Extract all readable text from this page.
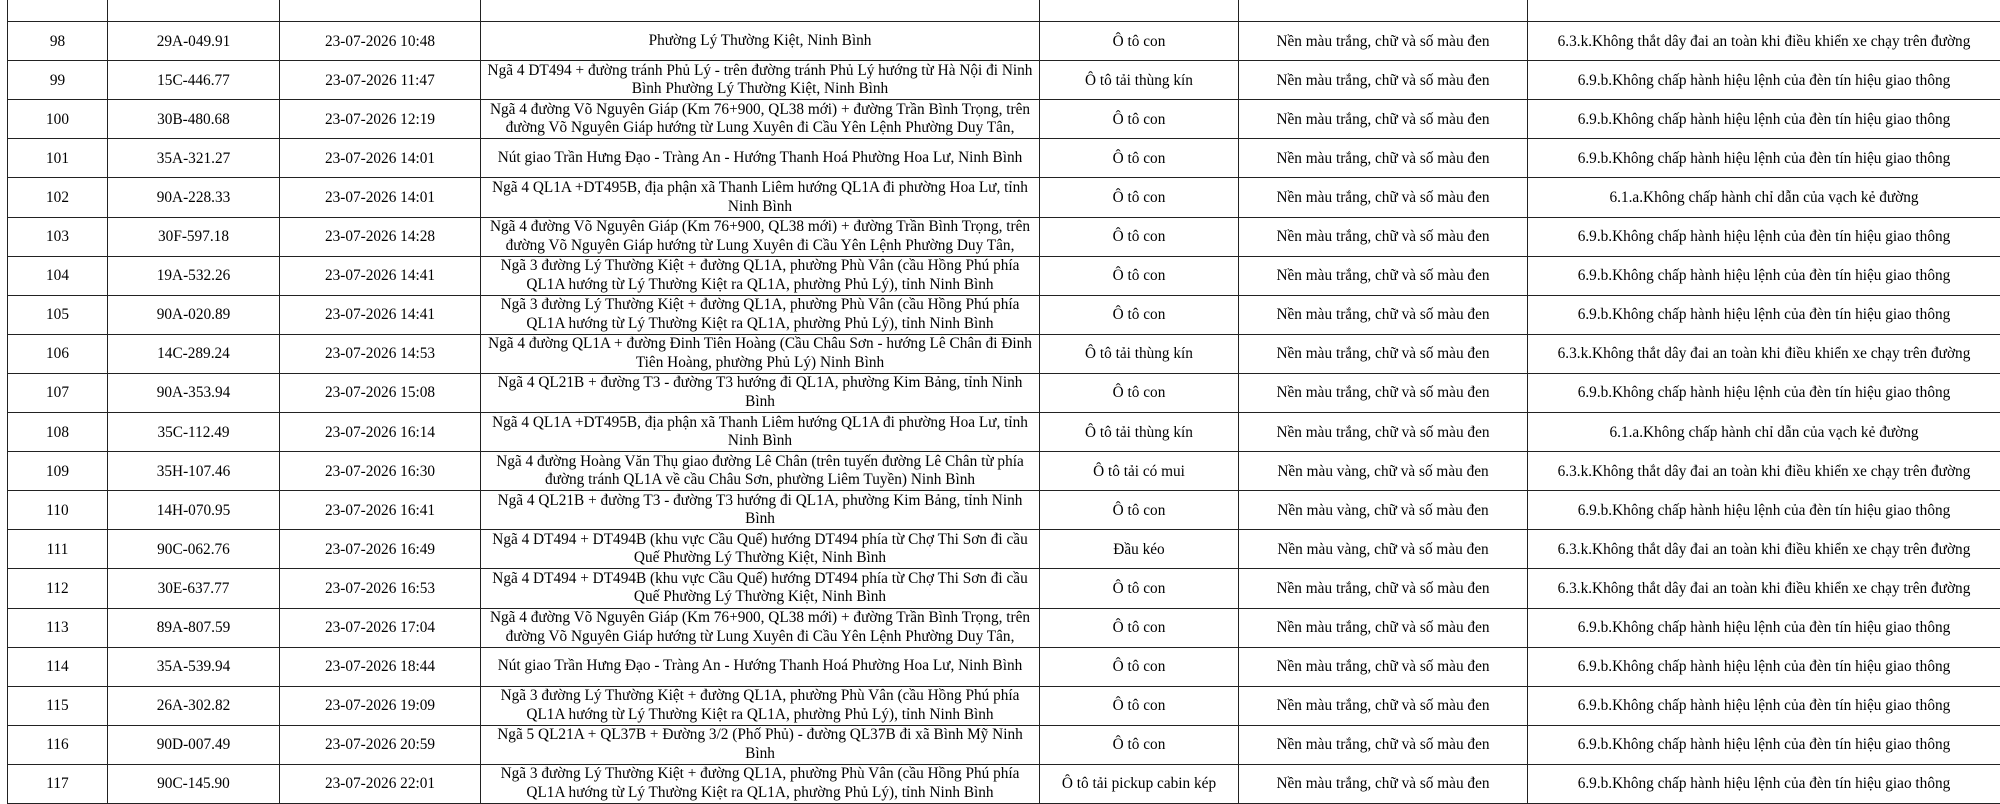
98	29A-049.91	23-07-2026 10:48	Phường Lý Thường Kiệt, Ninh Bình	Ô tô con	Nền màu trắng, chữ và số màu đen	6.3.k.Không thắt dây đai an toàn khi điều khiển xe chạy trên đường
99	15C-446.77	23-07-2026 11:47	Ngã 4 DT494 + đường tránh Phủ Lý - trên đường tránh Phủ Lý hướng từ Hà Nội đi Ninh Bình Phường Lý Thường Kiệt, Ninh Bình	Ô tô tải thùng kín	Nền màu trắng, chữ và số màu đen	6.9.b.Không chấp hành hiệu lệnh của đèn tín hiệu giao thông
100	30B-480.68	23-07-2026 12:19	Ngã 4 đường Võ Nguyên Giáp (Km 76+900, QL38 mới) + đường Trần Bình Trọng, trên đường Võ Nguyên Giáp hướng từ Lung Xuyên đi Cầu Yên Lệnh Phường Duy Tân,	Ô tô con	Nền màu trắng, chữ và số màu đen	6.9.b.Không chấp hành hiệu lệnh của đèn tín hiệu giao thông
101	35A-321.27	23-07-2026 14:01	Nút giao Trần Hưng Đạo - Tràng An - Hướng Thanh Hoá Phường Hoa Lư, Ninh Bình	Ô tô con	Nền màu trắng, chữ và số màu đen	6.9.b.Không chấp hành hiệu lệnh của đèn tín hiệu giao thông
102	90A-228.33	23-07-2026 14:01	Ngã 4 QL1A +DT495B, địa phận xã Thanh Liêm hướng QL1A đi phường Hoa Lư, tỉnh Ninh Bình	Ô tô con	Nền màu trắng, chữ và số màu đen	6.1.a.Không chấp hành chỉ dẫn của vạch kẻ đường
103	30F-597.18	23-07-2026 14:28	Ngã 4 đường Võ Nguyên Giáp (Km 76+900, QL38 mới) + đường Trần Bình Trọng, trên đường Võ Nguyên Giáp hướng từ Lung Xuyên đi Cầu Yên Lệnh Phường Duy Tân,	Ô tô con	Nền màu trắng, chữ và số màu đen	6.9.b.Không chấp hành hiệu lệnh của đèn tín hiệu giao thông
104	19A-532.26	23-07-2026 14:41	Ngã 3 đường Lý Thường Kiệt + đường QL1A, phường Phù Vân (cầu Hồng Phú phía QL1A hướng từ Lý Thường Kiệt ra QL1A, phường Phủ Lý), tỉnh Ninh Bình	Ô tô con	Nền màu trắng, chữ và số màu đen	6.9.b.Không chấp hành hiệu lệnh của đèn tín hiệu giao thông
105	90A-020.89	23-07-2026 14:41	Ngã 3 đường Lý Thường Kiệt + đường QL1A, phường Phù Vân (cầu Hồng Phú phía QL1A hướng từ Lý Thường Kiệt ra QL1A, phường Phủ Lý), tỉnh Ninh Bình	Ô tô con	Nền màu trắng, chữ và số màu đen	6.9.b.Không chấp hành hiệu lệnh của đèn tín hiệu giao thông
106	14C-289.24	23-07-2026 14:53	Ngã 4 đường QL1A + đường Đinh Tiên Hoàng (Cầu Châu Sơn - hướng Lê Chân đi Đinh Tiên Hoàng, phường Phủ Lý) Ninh Bình	Ô tô tải thùng kín	Nền màu trắng, chữ và số màu đen	6.3.k.Không thắt dây đai an toàn khi điều khiển xe chạy trên đường
107	90A-353.94	23-07-2026 15:08	Ngã 4 QL21B + đường T3 - đường T3 hướng đi QL1A, phường Kim Bảng, tỉnh Ninh Bình	Ô tô con	Nền màu trắng, chữ và số màu đen	6.9.b.Không chấp hành hiệu lệnh của đèn tín hiệu giao thông
108	35C-112.49	23-07-2026 16:14	Ngã 4 QL1A +DT495B, địa phận xã Thanh Liêm hướng QL1A đi phường Hoa Lư, tỉnh Ninh Bình	Ô tô tải thùng kín	Nền màu trắng, chữ và số màu đen	6.1.a.Không chấp hành chỉ dẫn của vạch kẻ đường
109	35H-107.46	23-07-2026 16:30	Ngã 4 đường Hoàng Văn Thụ giao đường Lê Chân (trên tuyến đường Lê Chân từ phía đường tránh QL1A về cầu Châu Sơn, phường Liêm Tuyền) Ninh Bình	Ô tô tải có mui	Nền màu vàng, chữ và số màu đen	6.3.k.Không thắt dây đai an toàn khi điều khiển xe chạy trên đường
110	14H-070.95	23-07-2026 16:41	Ngã 4 QL21B + đường T3 - đường T3 hướng đi QL1A, phường Kim Bảng, tỉnh Ninh Bình	Ô tô con	Nền màu vàng, chữ và số màu đen	6.9.b.Không chấp hành hiệu lệnh của đèn tín hiệu giao thông
111	90C-062.76	23-07-2026 16:49	Ngã 4 DT494 + DT494B (khu vực Cầu Quế) hướng DT494 phía từ Chợ Thi Sơn đi cầu Quế Phường Lý Thường Kiệt, Ninh Bình	Đầu kéo	Nền màu vàng, chữ và số màu đen	6.3.k.Không thắt dây đai an toàn khi điều khiển xe chạy trên đường
112	30E-637.77	23-07-2026 16:53	Ngã 4 DT494 + DT494B (khu vực Cầu Quế) hướng DT494 phía từ Chợ Thi Sơn đi cầu Quế Phường Lý Thường Kiệt, Ninh Bình	Ô tô con	Nền màu trắng, chữ và số màu đen	6.3.k.Không thắt dây đai an toàn khi điều khiển xe chạy trên đường
113	89A-807.59	23-07-2026 17:04	Ngã 4 đường Võ Nguyên Giáp (Km 76+900, QL38 mới) + đường Trần Bình Trọng, trên đường Võ Nguyên Giáp hướng từ Lung Xuyên đi Cầu Yên Lệnh Phường Duy Tân,	Ô tô con	Nền màu trắng, chữ và số màu đen	6.9.b.Không chấp hành hiệu lệnh của đèn tín hiệu giao thông
114	35A-539.94	23-07-2026 18:44	Nút giao Trần Hưng Đạo - Tràng An - Hướng Thanh Hoá Phường Hoa Lư, Ninh Bình	Ô tô con	Nền màu trắng, chữ và số màu đen	6.9.b.Không chấp hành hiệu lệnh của đèn tín hiệu giao thông
115	26A-302.82	23-07-2026 19:09	Ngã 3 đường Lý Thường Kiệt + đường QL1A, phường Phù Vân (cầu Hồng Phú phía QL1A hướng từ Lý Thường Kiệt ra QL1A, phường Phủ Lý), tỉnh Ninh Bình	Ô tô con	Nền màu trắng, chữ và số màu đen	6.9.b.Không chấp hành hiệu lệnh của đèn tín hiệu giao thông
116	90D-007.49	23-07-2026 20:59	Ngã 5 QL21A + QL37B + Đường 3/2 (Phố Phủ) - đường QL37B đi xã Bình Mỹ Ninh Bình	Ô tô con	Nền màu trắng, chữ và số màu đen	6.9.b.Không chấp hành hiệu lệnh của đèn tín hiệu giao thông
117	90C-145.90	23-07-2026 22:01	Ngã 3 đường Lý Thường Kiệt + đường QL1A, phường Phù Vân (cầu Hồng Phú phía QL1A hướng từ Lý Thường Kiệt ra QL1A, phường Phủ Lý), tỉnh Ninh Bình	Ô tô tải pickup cabin kép	Nền màu trắng, chữ và số màu đen	6.9.b.Không chấp hành hiệu lệnh của đèn tín hiệu giao thông
